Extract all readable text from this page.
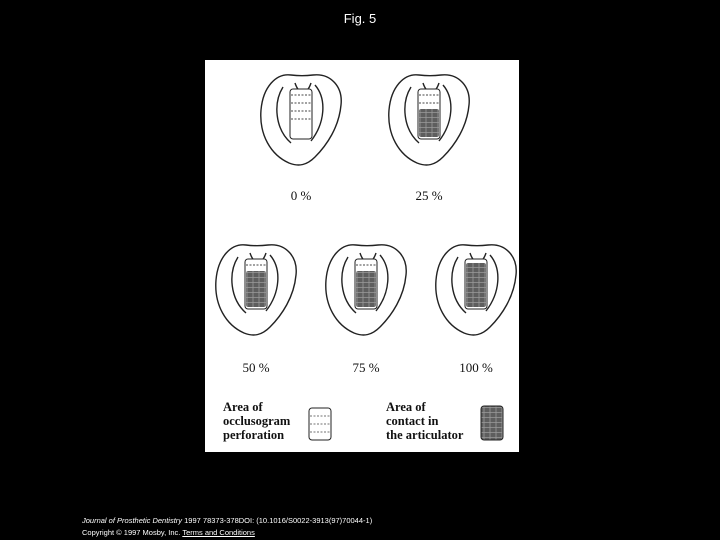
Fig. 5
0 %	25 %
50 %	75 %	100 %
Area of
occlusogram
perforation
Area of
contact in
the articulator
Journal of Prosthetic Dentistry 1997 78373-378DOI: (10.1016/S0022-3913(97)70044-1)
Copyright © 1997 Mosby, Inc. Terms and Conditions
